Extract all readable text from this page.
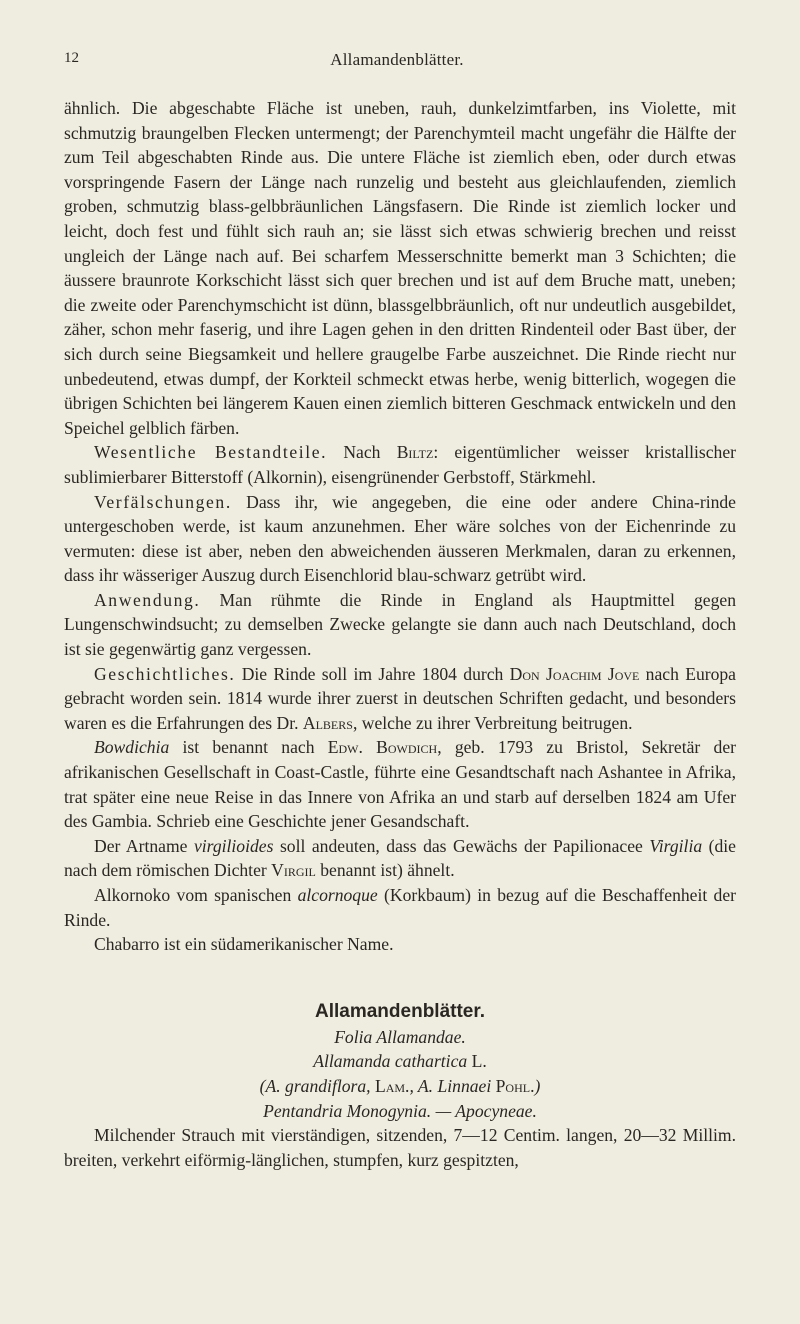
12	Allamandenblätter.

ähnlich. Die abgeschabte Fläche ist uneben, rauh, dunkelzimtfarben, ins Violette, mit schmutzig braungelben Flecken untermengt; der Parenchymteil macht ungefähr die Hälfte der zum Teil abgeschabten Rinde aus. Die untere Fläche ist ziemlich eben, oder durch etwas vorspringende Fasern der Länge nach runzelig und besteht aus gleichlaufenden, ziemlich groben, schmutzig blass-gelbbräunlichen Längsfasern. Die Rinde ist ziemlich locker und leicht, doch fest und fühlt sich rauh an; sie lässt sich etwas schwierig brechen und reisst ungleich der Länge nach auf. Bei scharfem Messerschnitte bemerkt man 3 Schichten; die äussere braunrote Korkschicht lässt sich quer brechen und ist auf dem Bruche matt, uneben; die zweite oder Parenchymschicht ist dünn, blassgelbbräunlich, oft nur undeutlich ausgebildet, zäher, schon mehr faserig, und ihre Lagen gehen in den dritten Rindenteil oder Bast über, der sich durch seine Biegsamkeit und hellere graugelbe Farbe auszeichnet. Die Rinde riecht nur unbedeutend, etwas dumpf, der Korkteil schmeckt etwas herbe, wenig bitterlich, wogegen die übrigen Schichten bei längerem Kauen einen ziemlich bitteren Geschmack entwickeln und den Speichel gelblich färben.

Wesentliche Bestandteile. Nach Biltz: eigentümlicher weisser kristallischer sublimierbarer Bitterstoff (Alkornin), eisengrünender Gerbstoff, Stärkmehl.

Verfälschungen. Dass ihr, wie angegeben, die eine oder andere China-rinde untergeschoben werde, ist kaum anzunehmen. Eher wäre solches von der Eichenrinde zu vermuten: diese ist aber, neben den abweichenden äusseren Merkmalen, daran zu erkennen, dass ihr wässeriger Auszug durch Eisenchlorid blau-schwarz getrübt wird.

Anwendung. Man rühmte die Rinde in England als Hauptmittel gegen Lungenschwindsucht; zu demselben Zwecke gelangte sie dann auch nach Deutschland, doch ist sie gegenwärtig ganz vergessen.

Geschichtliches. Die Rinde soll im Jahre 1804 durch Don Joachim Jove nach Europa gebracht worden sein. 1814 wurde ihrer zuerst in deutschen Schriften gedacht, und besonders waren es die Erfahrungen des Dr. Albers, welche zu ihrer Verbreitung beitrugen.

Bowdichia ist benannt nach Edw. Bowdich, geb. 1793 zu Bristol, Sekretär der afrikanischen Gesellschaft in Coast-Castle, führte eine Gesandtschaft nach Ashantee in Afrika, trat später eine neue Reise in das Innere von Afrika an und starb auf derselben 1824 am Ufer des Gambia. Schrieb eine Geschichte jener Gesandschaft.

Der Artname virgilioides soll andeuten, dass das Gewächs der Papilionacee Virgilia (die nach dem römischen Dichter Virgil benannt ist) ähnelt.

Alkornoko vom spanischen alcornoque (Korkbaum) in bezug auf die Beschaffenheit der Rinde.

Chabarro ist ein südamerikanischer Name.

Allamandenblätter.

Folia Allamandae.

Allamanda cathartica L.

(A. grandiflora, Lam., A. Linnaei Pohl.)

Pentandria Monogynia. — Apocyneae.

Milchender Strauch mit vierständigen, sitzenden, 7—12 Centim. langen, 20—32 Millim. breiten, verkehrt eiförmig-länglichen, stumpfen, kurz gespitzten,
